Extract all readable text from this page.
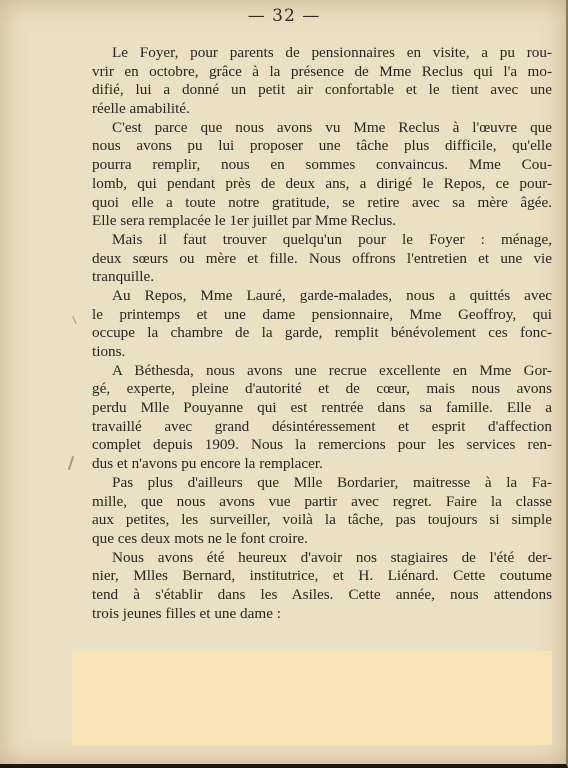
— 32 —
Le Foyer, pour parents de pensionnaires en visite, a pu rou-
vrir en octobre, grâce à la présence de Mme Reclus qui l'a mo-
difié, lui a donné un petit air confortable et le tient avec une
réelle amabilité.
C'est parce que nous avons vu Mme Reclus à l'œuvre que
nous avons pu lui proposer une tâche plus difficile, qu'elle
pourra remplir, nous en sommes convaincus. Mme Cou-
lomb, qui pendant près de deux ans, a dirigé le Repos, ce pour-
quoi elle a toute notre gratitude, se retire avec sa mère âgée.
Elle sera remplacée le 1er juillet par Mme Reclus.
Mais il faut trouver quelqu'un pour le Foyer : ménage,
deux sœurs ou mère et fille. Nous offrons l'entretien et une vie
tranquille.
Au Repos, Mme Lauré, garde-malades, nous a quittés avec
le printemps et une dame pensionnaire, Mme Geoffroy, qui
occupe la chambre de la garde, remplit bénévolement ces fonc-
tions.
A Béthesda, nous avons une recrue excellente en Mme Gor-
gé, experte, pleine d'autorité et de cœur, mais nous avons
perdu Mlle Pouyanne qui est rentrée dans sa famille. Elle a
travaillé avec grand désintéressement et esprit d'affection
complet depuis 1909. Nous la remercions pour les services ren-
dus et n'avons pu encore la remplacer.
Pas plus d'ailleurs que Mlle Bordarier, maitresse à la Fa-
mille, que nous avons vue partir avec regret. Faire la classe
aux petites, les surveiller, voilà la tâche, pas toujours si simple
que ces deux mots ne le font croire.
Nous avons été heureux d'avoir nos stagiaires de l'été der-
nier, Mlles Bernard, institutrice, et H. Liénard. Cette coutume
tend à s'établir dans les Asiles. Cette année, nous attendons
trois jeunes filles et une dame :
